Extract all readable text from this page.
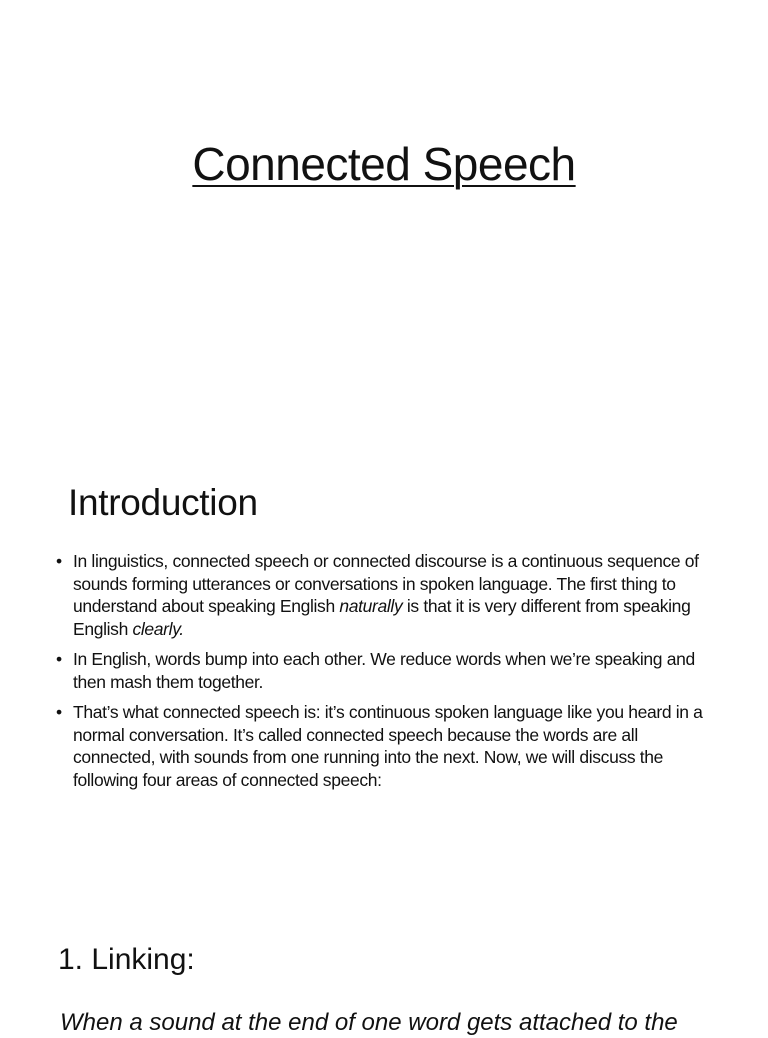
Connected Speech
Introduction
• In linguistics, connected speech or connected discourse is a continuous sequence of sounds forming utterances or conversations in spoken language. The first thing to understand about speaking English naturally is that it is very different from speaking English clearly.
• In English, words bump into each other. We reduce words when we’re speaking and then mash them together.
• That’s what connected speech is: it’s continuous spoken language like you heard in a normal conversation. It’s called connected speech because the words are all connected, with sounds from one running into the next. Now, we will discuss the following four areas of connected speech:
1. Linking:
When a sound at the end of one word gets attached to the
